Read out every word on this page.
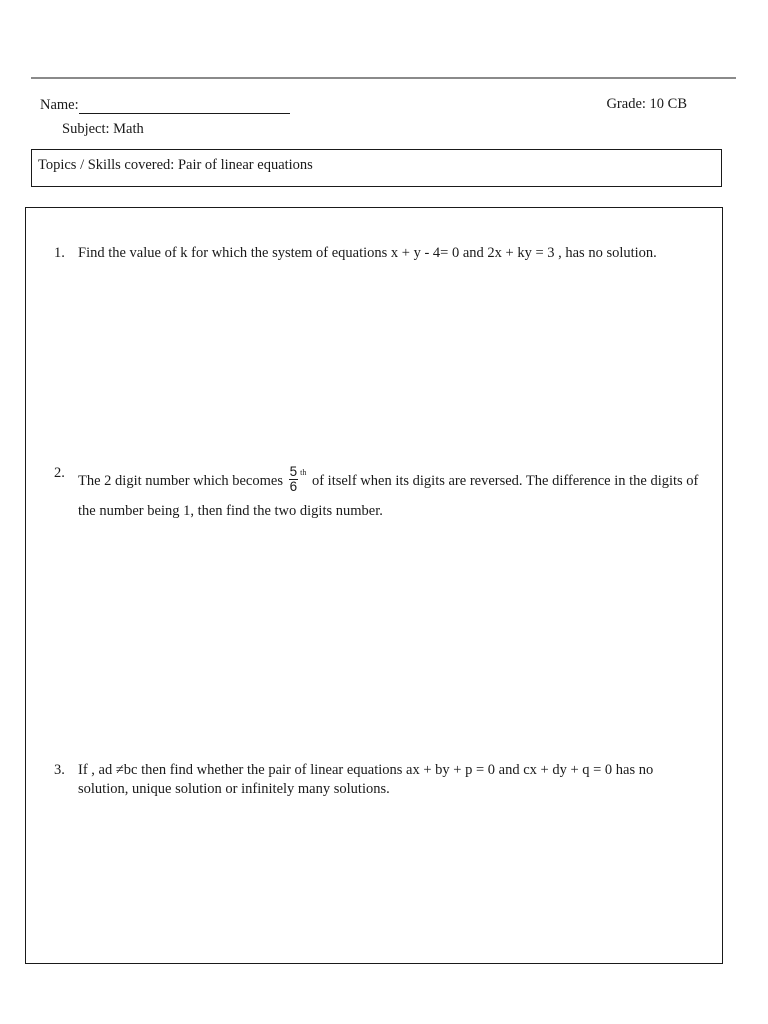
Name:	Grade: 10 CB
Subject: Math
Topics / Skills covered: Pair of linear equations
1. Find the value of k for which the system of equations x + y - 4= 0 and 2x + ky = 3 , has no solution.
2. The 2 digit number which becomes $\frac{5}{6} ^{th}$ of itself when its digits are reversed. The difference in the digits of the number being 1, then find the two digits number.
3. If , ad ≠bc then find whether the pair of linear equations ax + by + p = 0 and cx + dy + q = 0 has no solution, unique solution or infinitely many solutions.
